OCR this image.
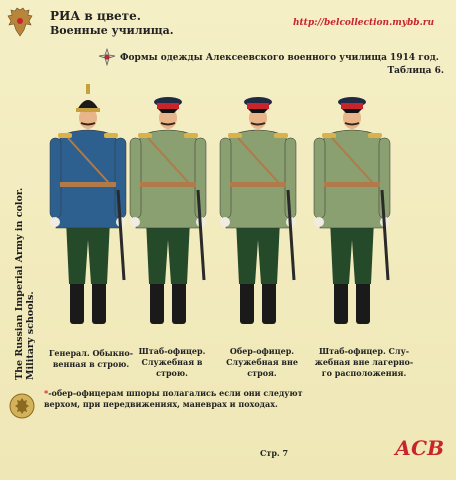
РИА в цвете.
Военные училища.
http://belcollection.mybb.ru
Формы одежды Алексеевского военного училища 1914 год.
Таблица 6.
The Russian Imperial Army in color. Military schools. Генерал. Обыкно-
венная в строю.
Штаб-офицер.
Служебная в
строю.
Обер-офицер.
Служебная вне
строя.
Штаб-офицер. Слу-
жебная вне лагерно-
го расположения.
*-обер-офицерам шпоры полагались если они следуют
верхом, при передвижениях, маневрах и походах.
Стр. 7	АСВ
